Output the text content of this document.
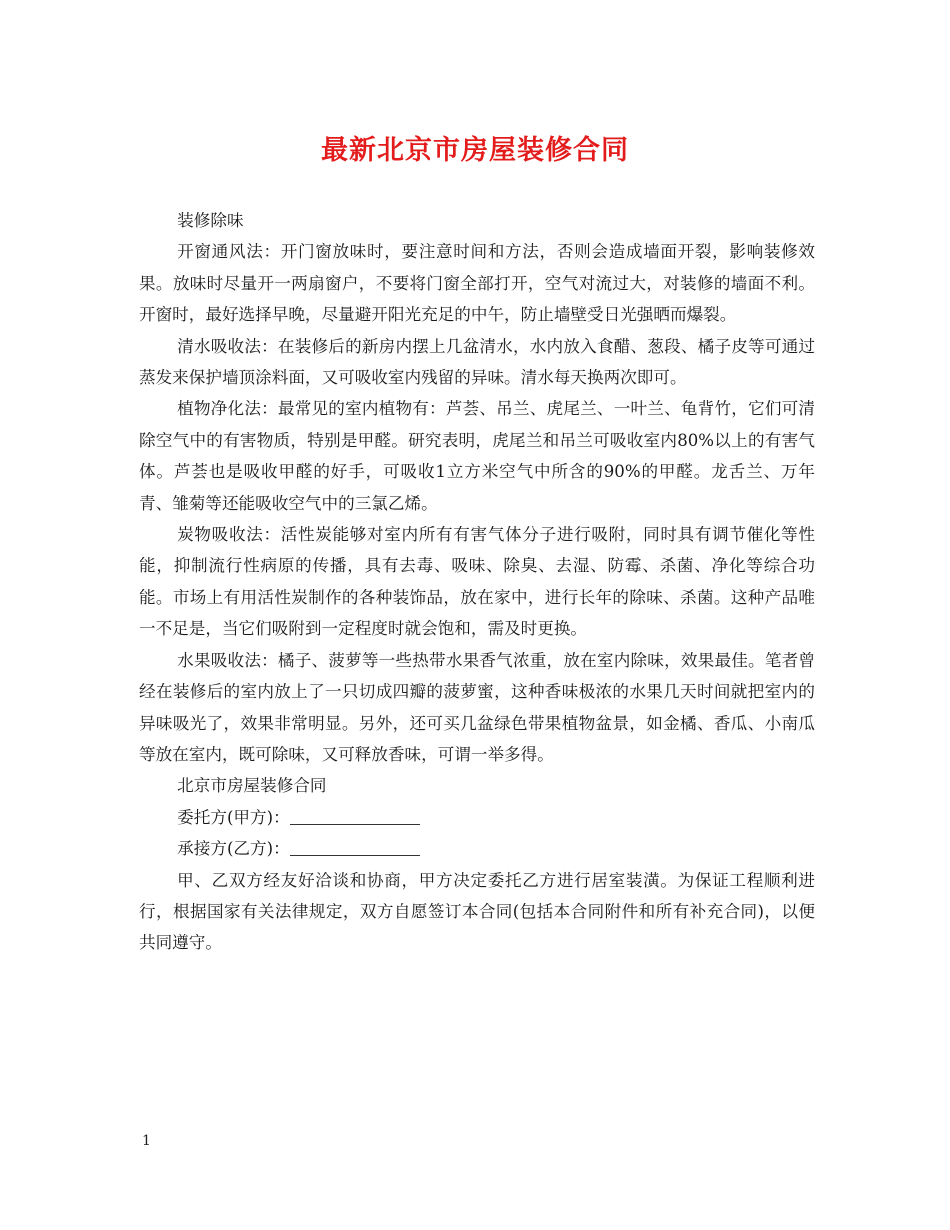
最新北京市房屋装修合同

装修除味

开窗通风法：开门窗放味时，要注意时间和方法，否则会造成墙面开裂，影响装修效果。放味时尽量开一两扇窗户，不要将门窗全部打开，空气对流过大，对装修的墙面不利。开窗时，最好选择早晚，尽量避开阳光充足的中午，防止墙壁受日光强晒而爆裂。

清水吸收法：在装修后的新房内摆上几盆清水，水内放入食醋、葱段、橘子皮等可通过蒸发来保护墙顶涂料面，又可吸收室内残留的异味。清水每天换两次即可。

植物净化法：最常见的室内植物有：芦荟、吊兰、虎尾兰、一叶兰、龟背竹，它们可清除空气中的有害物质，特别是甲醛。研究表明，虎尾兰和吊兰可吸收室内80%以上的有害气体。芦荟也是吸收甲醛的好手，可吸收1立方米空气中所含的90%的甲醛。龙舌兰、万年青、雏菊等还能吸收空气中的三氯乙烯。

炭物吸收法：活性炭能够对室内所有有害气体分子进行吸附，同时具有调节催化等性能，抑制流行性病原的传播，具有去毒、吸味、除臭、去湿、防霉、杀菌、净化等综合功能。市场上有用活性炭制作的各种装饰品，放在家中，进行长年的除味、杀菌。这种产品唯一不足是，当它们吸附到一定程度时就会饱和，需及时更换。

水果吸收法：橘子、菠萝等一些热带水果香气浓重，放在室内除味，效果最佳。笔者曾经在装修后的室内放上了一只切成四瓣的菠萝蜜，这种香味极浓的水果几天时间就把室内的异味吸光了，效果非常明显。另外，还可买几盆绿色带果植物盆景，如金橘、香瓜、小南瓜等放在室内，既可除味，又可释放香味，可谓一举多得。

北京市房屋装修合同

委托方(甲方)：

承接方(乙方)：

甲、乙双方经友好洽谈和协商，甲方决定委托乙方进行居室装潢。为保证工程顺利进行，根据国家有关法律规定，双方自愿签订本合同(包括本合同附件和所有补充合同)，以便共同遵守。

1
